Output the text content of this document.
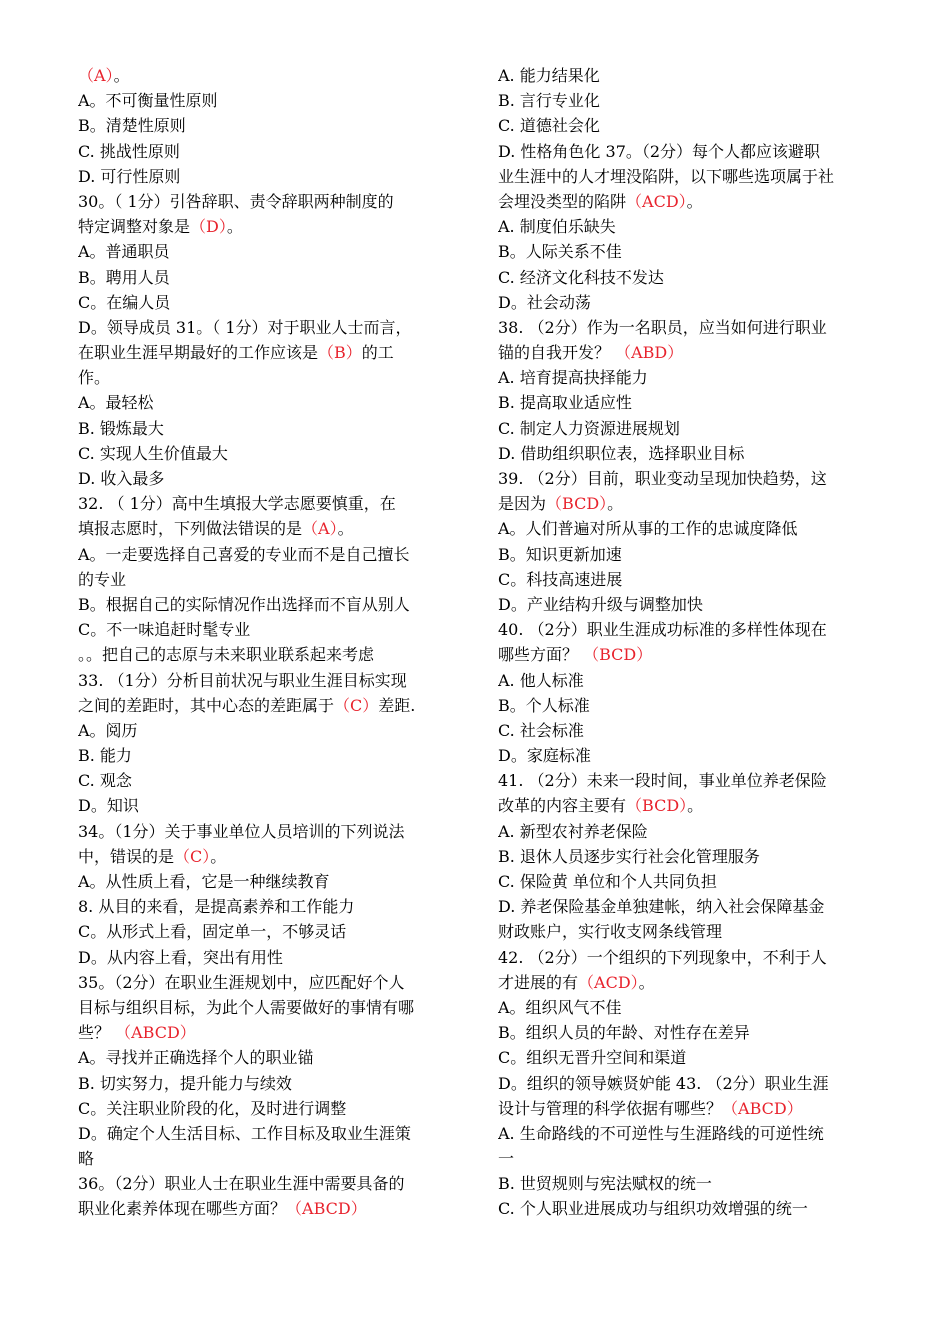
（A）。
A。不可衡量性原则
B。清楚性原则
C. 挑战性原则
D. 可行性原则
30。（ 1分）引咎辞职、责令辞职两种制度的
特定调整对象是（D）。
A。普通职员
B。聘用人员
C。在编人员
D。领导成员 31。（ 1分）对于职业人士而言，
在职业生涯早期最好的工作应该是（B）的工
作。
A。最轻松
B. 锻炼最大
C. 实现人生价值最大
D. 收入最多
32. （ 1分）高中生填报大学志愿要慎重，在
填报志愿时，下列做法错误的是（A）。
A。一走要选择自己喜爱的专业而不是自己擅长
的专业
B。根据自己的实际情况作出选择而不盲从别人
C。不一味追赶时髦专业
。。把自己的志原与未来职业联系起来考虑
33. （1分）分析目前状况与职业生涯目标实现
之间的差距时，其中心态的差距属于（C）差距.
A。阅历
B. 能力
C. 观念
D。知识
34。（1分）关于事业单位人员培训的下列说法
中，错误的是（C）。
A。从性质上看，它是一种继续教育
8. 从目的来看，是提高素养和工作能力
C。从形式上看，固定单一，不够灵话
D。从内容上看，突出有用性
35。（2分）在职业生涯规划中，应匹配好个人
目标与组织目标，为此个人需要做好的事情有哪
些？ （ABCD）
A。寻找并正确选择个人的职业锚
B. 切实努力，提升能力与续效
C。关注职业阶段的化，及时进行调整
D。确定个人生活目标、工作目标及取业生涯策
略
36。（2分）职业人士在职业生涯中需要具备的
职业化素养体现在哪些方面？（ABCD）
A. 能力结果化
B. 言行专业化
C. 道德社会化
D. 性格角色化 37。（2分）每个人都应该避职
业生涯中的人才埋没陷阱，以下哪些选项属于社
会埋没类型的陷阱（ACD）。
A. 制度伯乐缺失
B。人际关系不佳
C. 经济文化科技不发达
D。社会动荡
38. （2分）作为一名职员，应当如何进行职业
锚的自我开发？ （ABD）
A. 培育提高抉择能力
B. 提高取业适应性
C. 制定人力资源进展规划
D. 借助组织职位表，选择职业目标
39. （2分）目前，职业变动呈现加快趋势，这
是因为（BCD）。
A。人们普遍对所从事的工作的忠诚度降低
B。知识更新加速
C。科技高速进展
D。产业结构升级与调整加快
40. （2分）职业生涯成功标准的多样性体现在
哪些方面？ （BCD）
A. 他人标准
B。个人标准
C. 社会标准
D。家庭标准
41. （2分）未来一段时间，事业单位养老保险
改革的内容主要有（BCD）。
A. 新型农衬养老保险
B. 退休人员逐步实行社会化管理服务
C. 保险黄 单位和个人共同负担
D. 养老保险基金单独建帐，纳入社会保障基金
财政账户，实行收支网条线管理
42. （2分）一个组织的下列现象中，不利于人
才进展的有（ACD）。
A。组织风气不佳
B。组织人员的年龄、对性存在差异
C。组织无晋升空间和渠道
D。组织的领导嫉贤妒能 43. （2分）职业生涯
设计与管理的科学依据有哪些？（ABCD）
A. 生命路线的不可逆性与生涯路线的可逆性统
一
B. 世贸规则与宪法赋权的统一
C. 个人职业进展成功与组织功效增强的统一
